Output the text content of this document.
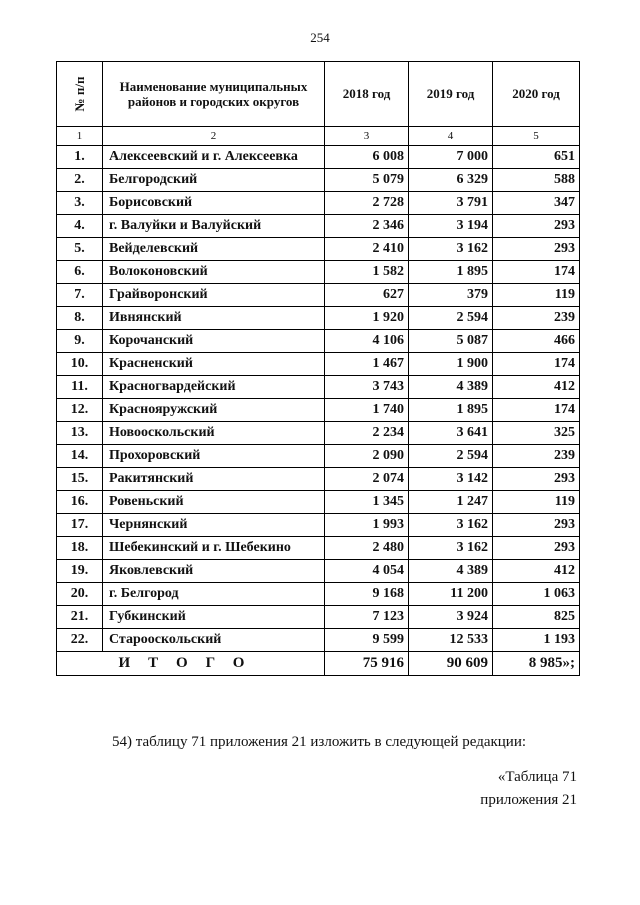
254
№ п/п	Наименование муниципальных районов и городских округов	2018 год	2019 год	2020 год
1	2	3	4	5
1.	Алексеевский и г. Алексеевка	6 008	7 000	651
2.	Белгородский	5 079	6 329	588
3.	Борисовский	2 728	3 791	347
4.	г. Валуйки и Валуйский	2 346	3 194	293
5.	Вейделевский	2 410	3 162	293
6.	Волоконовский	1 582	1 895	174
7.	Грайворонский	627	379	119
8.	Ивнянский	1 920	2 594	239
9.	Корочанский	4 106	5 087	466
10.	Красненский	1 467	1 900	174
11.	Красногвардейский	3 743	4 389	412
12.	Краснояружский	1 740	1 895	174
13.	Новооскольский	2 234	3 641	325
14.	Прохоровский	2 090	2 594	239
15.	Ракитянский	2 074	3 142	293
16.	Ровеньский	1 345	1 247	119
17.	Чернянский	1 993	3 162	293
18.	Шебекинский и г. Шебекино	2 480	3 162	293
19.	Яковлевский	4 054	4 389	412
20.	г. Белгород	9 168	11 200	1 063
21.	Губкинский	7 123	3 924	825
22.	Старооскольский	9 599	12 533	1 193
ИТОГО		75 916	90 609	8 985»;
54) таблицу 71 приложения 21 изложить в следующей редакции:
«Таблица 71
приложения 21
